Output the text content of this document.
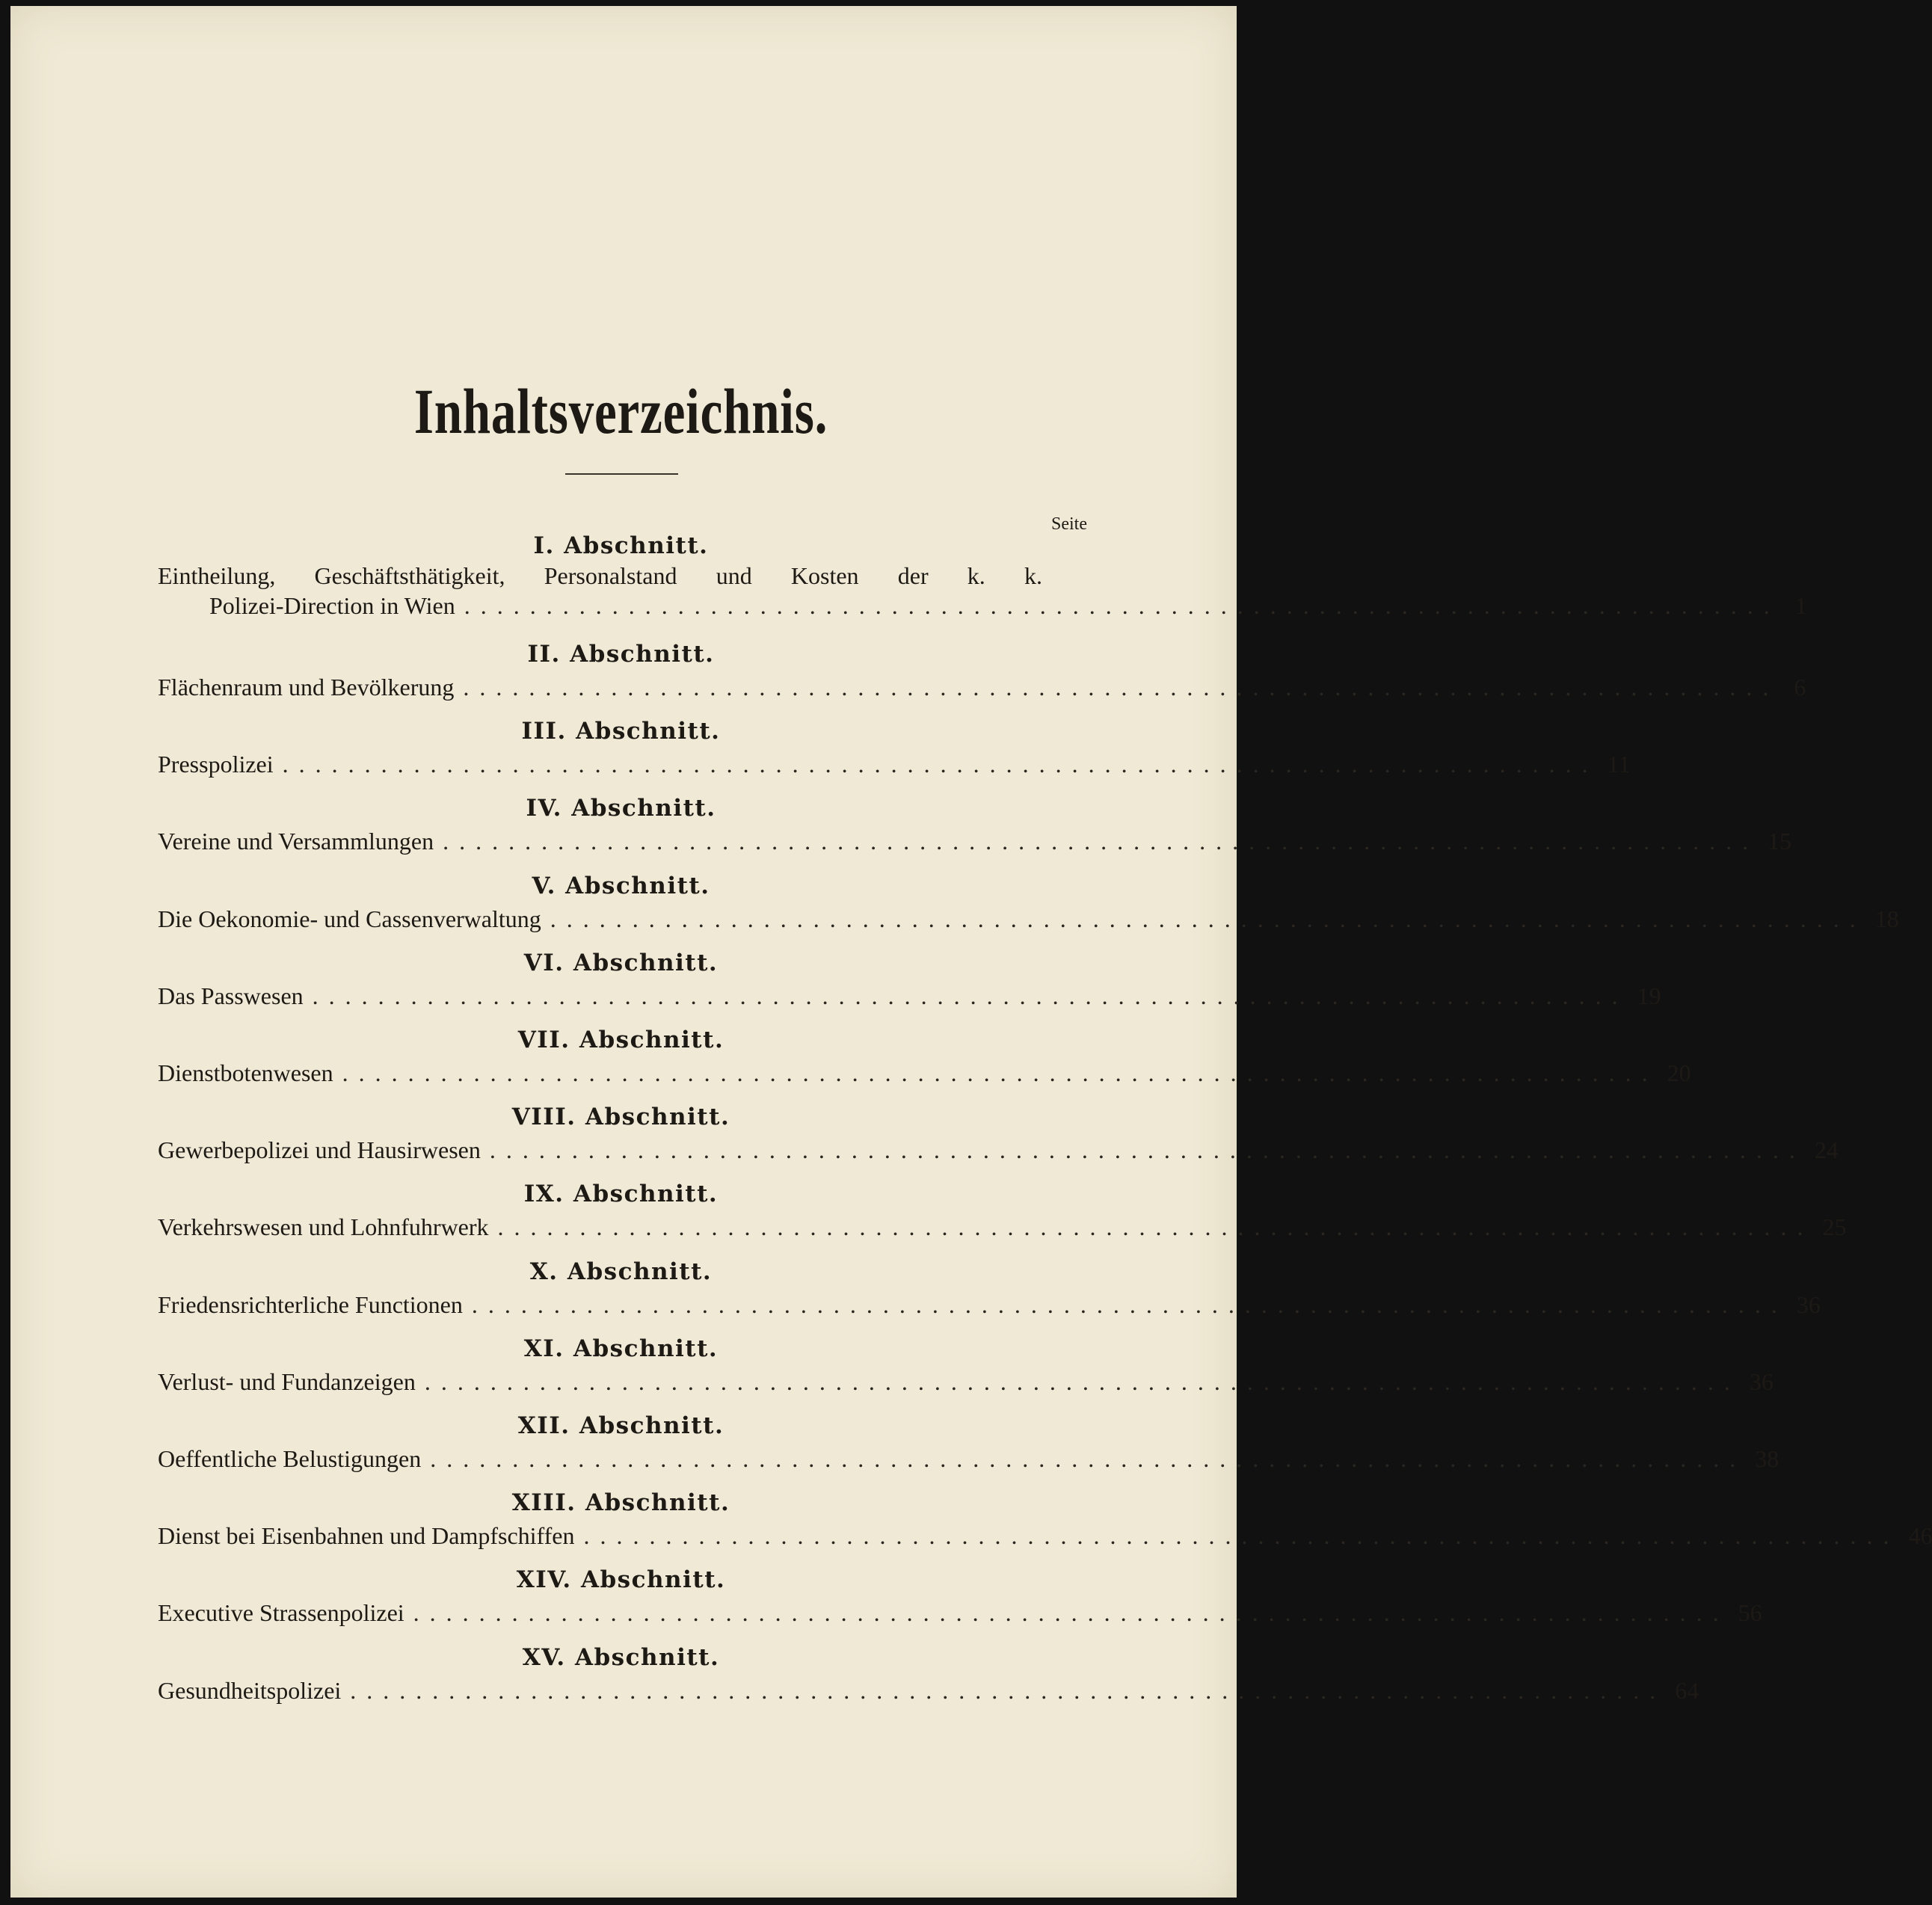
Inhaltsverzeichnis.
Seite
I. Abschnitt.
Eintheilung, Geschäftsthätigkeit, Personalstand und Kosten der k. k.
Polizei-Direction in Wien ................................................................................ 1
II. Abschnitt.
Flächenraum und Bevölkerung ................................................................................ 6
III. Abschnitt.
Presspolizei ................................................................................ 11
IV. Abschnitt.
Vereine und Versammlungen ................................................................................ 15
V. Abschnitt.
Die Oekonomie- und Cassenverwaltung ................................................................................ 18
VI. Abschnitt.
Das Passwesen ................................................................................ 19
VII. Abschnitt.
Dienstbotenwesen ................................................................................ 20
VIII. Abschnitt.
Gewerbepolizei und Hausirwesen ................................................................................ 24
IX. Abschnitt.
Verkehrswesen und Lohnfuhrwerk ................................................................................ 25
X. Abschnitt.
Friedensrichterliche Functionen ................................................................................ 36
XI. Abschnitt.
Verlust- und Fundanzeigen ................................................................................ 36
XII. Abschnitt.
Oeffentliche Belustigungen ................................................................................ 38
XIII. Abschnitt.
Dienst bei Eisenbahnen und Dampfschiffen ................................................................................ 46
XIV. Abschnitt.
Executive Strassenpolizei ................................................................................ 56
XV. Abschnitt.
Gesundheitspolizei ................................................................................ 64
